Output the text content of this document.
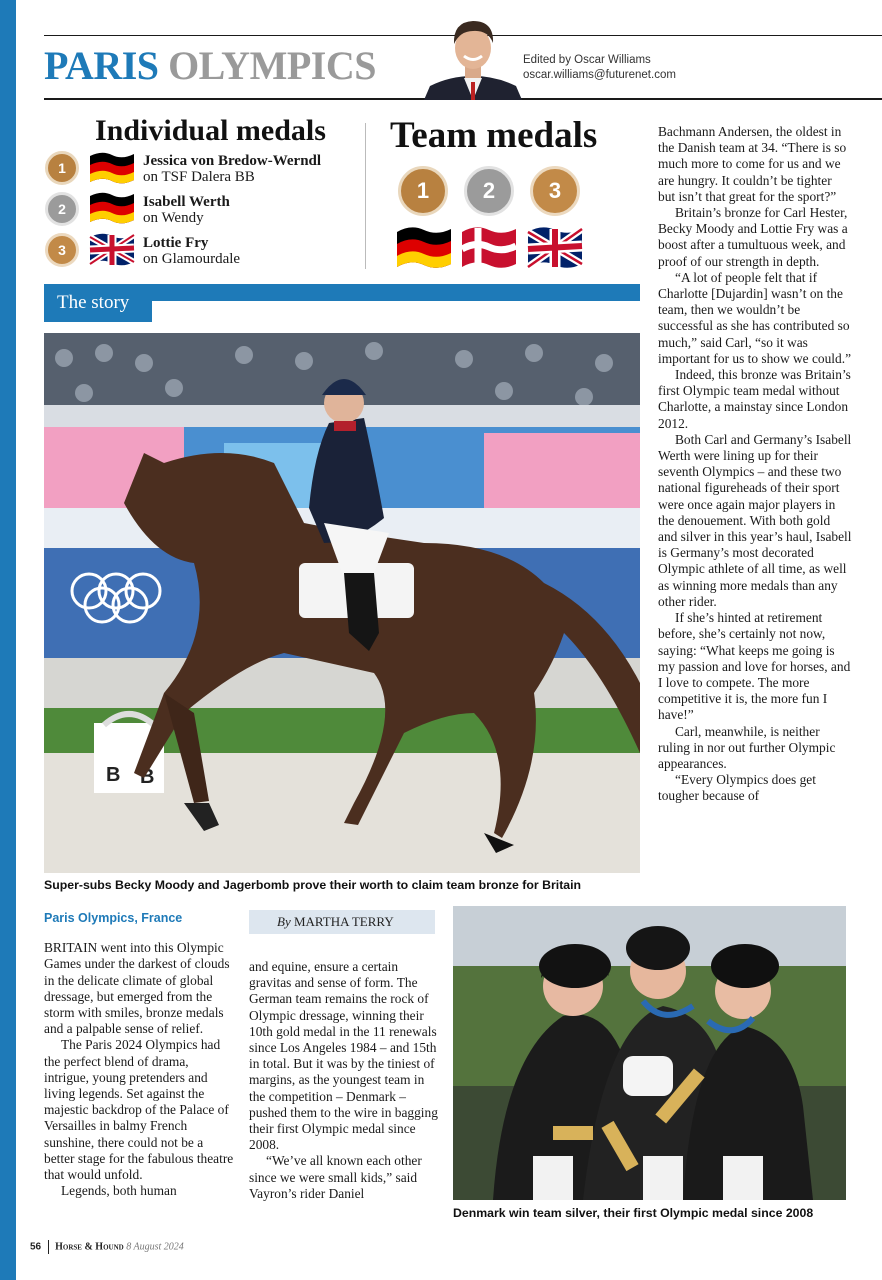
PARIS OLYMPICS	Edited by Oscar Williams
oscar.williams@futurenet.com
Individual medals
1	Jessica von Bredow-Werndl
on TSF Dalera BB
2	Isabell Werth
on Wendy
3	Lottie Fry
on Glamourdale
Team medals
1	2	3
The story
B B
Super-subs Becky Moody and Jagerbomb prove their worth to claim team bronze for Britain
Denmark win team silver, their first Olympic medal since 2008
Paris Olympics, France

BRITAIN went into this Olympic Games under the darkest of clouds in the delicate climate of global dressage, but emerged from the storm with smiles, bronze medals and a palpable sense of relief.

The Paris 2024 Olympics had the perfect blend of drama, intrigue, young pretenders and living legends. Set against the majestic backdrop of the Palace of Versailles in balmy French sunshine, there could not be a better stage for the fabulous theatre that would unfold.

Legends, both human

By MARTHA TERRY

and equine, ensure a certain gravitas and sense of form. The German team remains the rock of Olympic dressage, winning their 10th gold medal in the 11 renewals since Los Angeles 1984 – and 15th in total. But it was by the tiniest of margins, as the youngest team in the competition – Denmark – pushed them to the wire in bagging their first Olympic medal since 2008.

“We’ve all known each other since we were small kids,” said Vayron’s rider Daniel

Bachmann Andersen, the oldest in the Danish team at 34. “There is so much more to come for us and we are hungry. It couldn’t be tighter but isn’t that great for the sport?”

Britain’s bronze for Carl Hester, Becky Moody and Lottie Fry was a boost after a tumultuous week, and proof of our strength in depth.

“A lot of people felt that if Charlotte [Dujardin] wasn’t on the team, then we wouldn’t be successful as she has contributed so much,” said Carl, “so it was important for us to show we could.”

Indeed, this bronze was Britain’s first Olympic team medal without Charlotte, a mainstay since London 2012.

Both Carl and Germany’s Isabell Werth were lining up for their seventh Olympics – and these two national figureheads of their sport were once again major players in the denouement. With both gold and silver in this year’s haul, Isabell is Germany’s most decorated Olympic athlete of all time, as well as winning more medals than any other rider.

If she’s hinted at retirement before, she’s certainly not now, saying: “What keeps me going is my passion and love for horses, and I love to compete. The more competitive it is, the more fun I have!”

Carl, meanwhile, is neither ruling in nor out further Olympic appearances.

“Every Olympics does get tougher because of

56 Horse & Hound 8 August 2024
